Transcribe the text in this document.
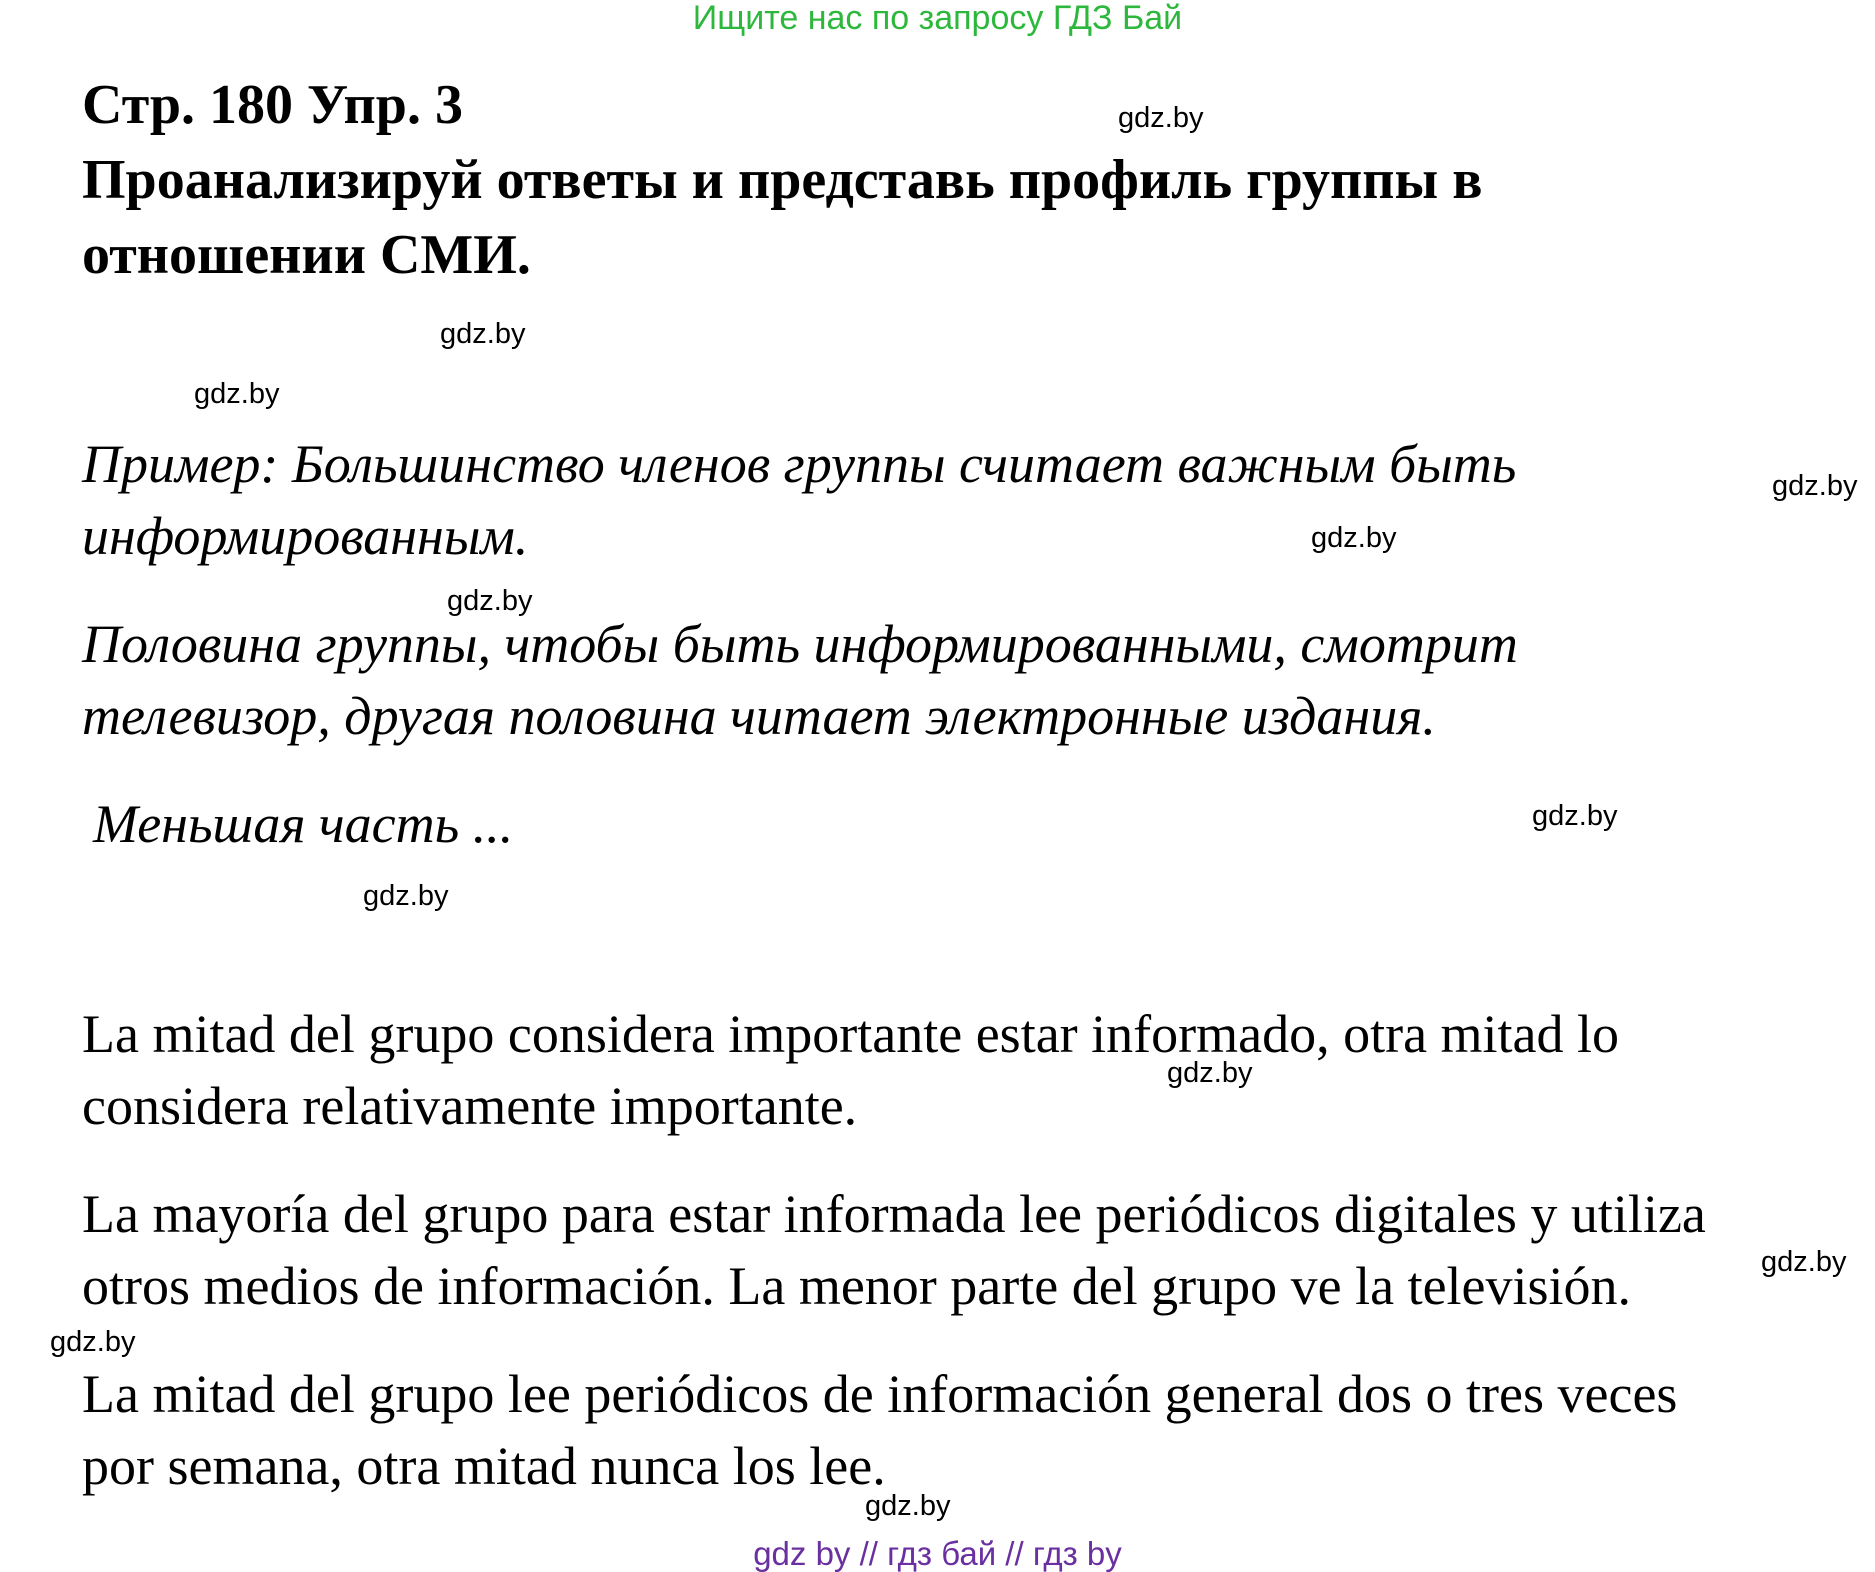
Ищите нас по запросу ГДЗ Бай
Стр. 180 Упр. 3
Проанализируй ответы и представь профиль группы в
отношении СМИ.
Пример: Большинство членов группы считает важным быть
информированным.
Половина группы, чтобы быть информированными, смотрит
телевизор, другая половина читает электронные издания.
Меньшая часть ...
La mitad del grupo considera importante estar informado, otra mitad lo
considera relativamente importante.
La mayoría del grupo para estar informada lee periódicos digitales y utiliza
otros medios de información. La menor parte del grupo ve la televisión.
La mitad del grupo lee periódicos de información general dos o tres veces
por semana, otra mitad nunca los lee.
gdz.by
gdz.by
gdz.by
gdz.by
gdz.by
gdz.by
gdz.by
gdz.by
gdz.by
gdz.by
gdz.by
gdz.by
gdz by // гдз бай // гдз by
